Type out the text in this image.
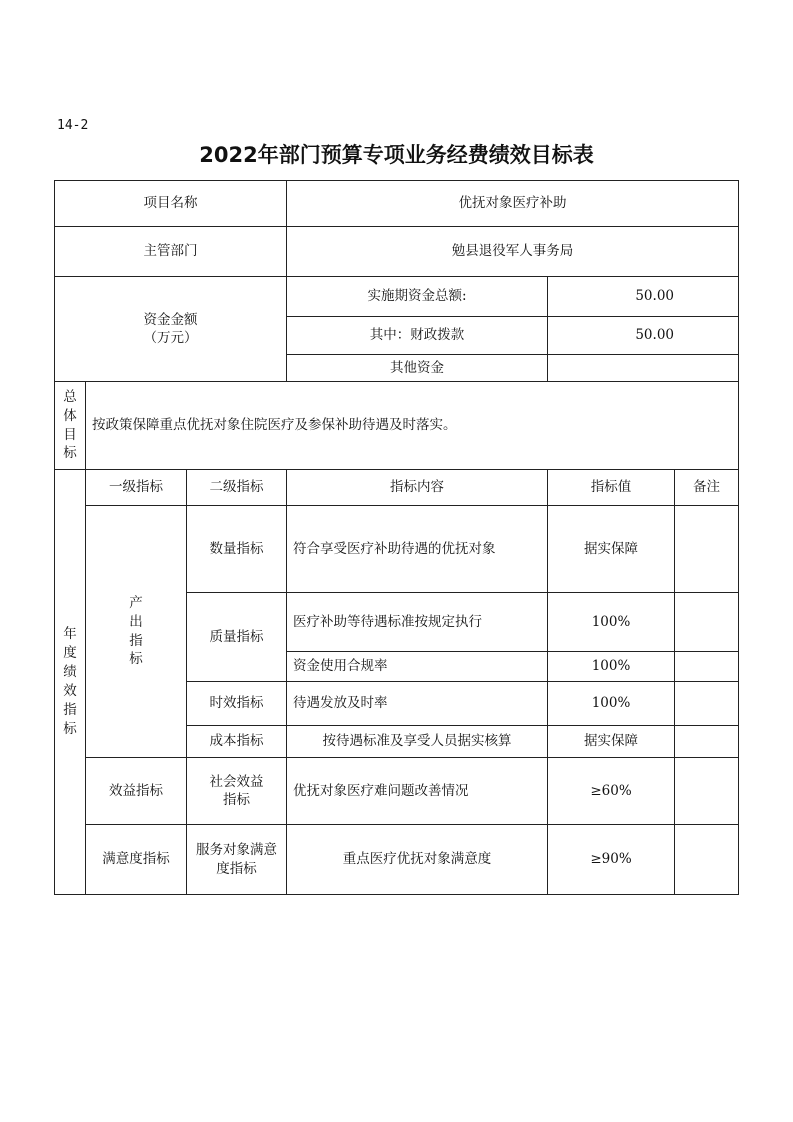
14-2
2022年部门预算专项业务经费绩效目标表
项目名称			优抚对象医疗补助		
主管部门			勉县退役军人事务局		

资金金额
（万元）			实施期资金总额:	50.00	
			其中：财政拨款	50.00	
			其他资金		
总体目标	按政策保障重点优抚对象住院医疗及参保补助待遇及时落实。				
年度绩效指标	一级指标	二级指标	指标内容	指标值	备注
	产出指标	数量指标	符合享受医疗补助待遇的优抚对象	据实保障	
		质量指标	医疗补助等待遇标准按规定执行	100%	
			资金使用合规率	100%	
		时效指标	待遇发放及时率	100%	
		成本指标	按待遇标准及享受人员据实核算	据实保障	
	效益指标	社会效益指标	优抚对象医疗难问题改善情况	≥60%	
	满意度指标	服务对象满意度指标	重点医疗优抚对象满意度	≥90%	
